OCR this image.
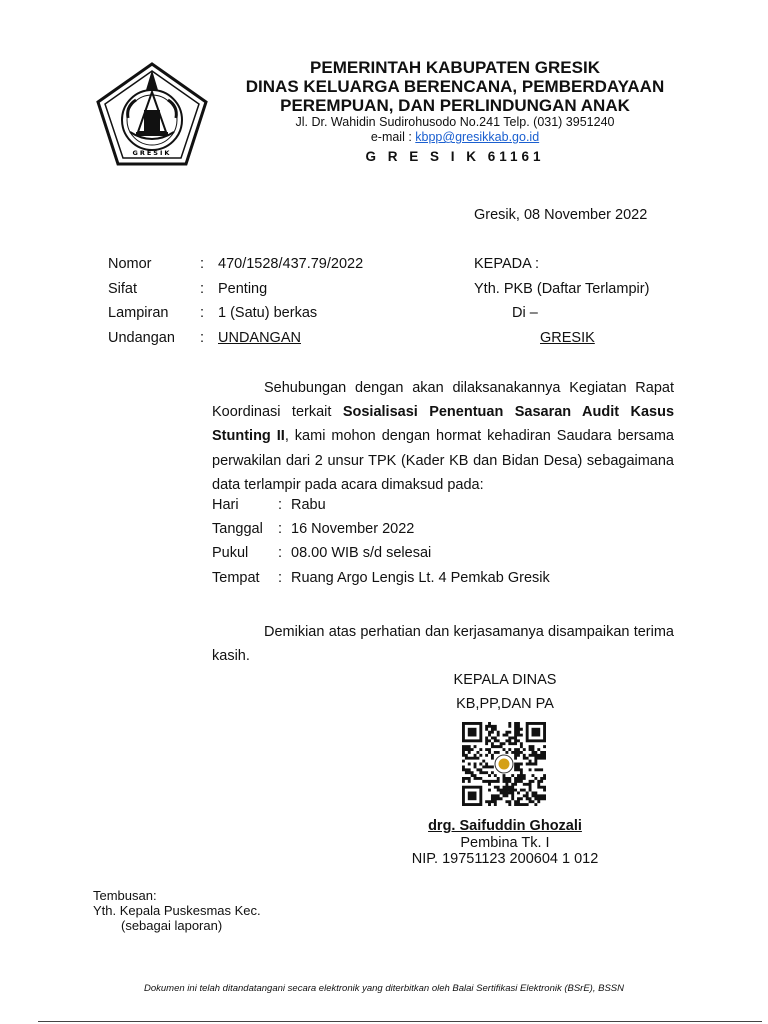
GRESIK
PEMERINTAH KABUPATEN GRESIK
DINAS KELUARGA BERENCANA, PEMBERDAYAAN
PEREMPUAN, DAN PERLINDUNGAN ANAK
Jl. Dr. Wahidin Sudirohusodo No.241 Telp. (031) 3951240
e-mail : kbpp@gresikkab.go.id
G R E S I K 61161
Gresik, 08 November 2022
Nomor	: 470/1528/437.79/2022
Sifat	: Penting
Lampiran : 1 (Satu) berkas
Undangan : UNDANGAN
KEPADA :
Yth. PKB (Daftar Terlampir)
Di –
GRESIK

Sehubungan dengan akan dilaksanakannya Kegiatan Rapat Koordinasi terkait Sosialisasi Penentuan Sasaran Audit Kasus Stunting II, kami mohon dengan hormat kehadiran Saudara bersama perwakilan dari 2 unsur TPK (Kader KB dan Bidan Desa) sebagaimana data terlampir pada acara dimaksud pada:

Hari	: Rabu
Tanggal : 16 November 2022
Pukul : 08.00 WIB s/d selesai
Tempat : Ruang Argo Lengis Lt. 4 Pemkab Gresik

Demikian atas perhatian dan kerjasamanya disampaikan terima kasih.

KEPALA DINAS
KB,PP,DAN PA
drg. Saifuddin Ghozali
Pembina Tk. I
NIP. 19751123 200604 1 012
Tembusan:
Yth. Kepala Puskesmas Kec.
(sebagai laporan)
Dokumen ini telah ditandatangani secara elektronik yang diterbitkan oleh Balai Sertifikasi Elektronik (BSrE), BSSN
